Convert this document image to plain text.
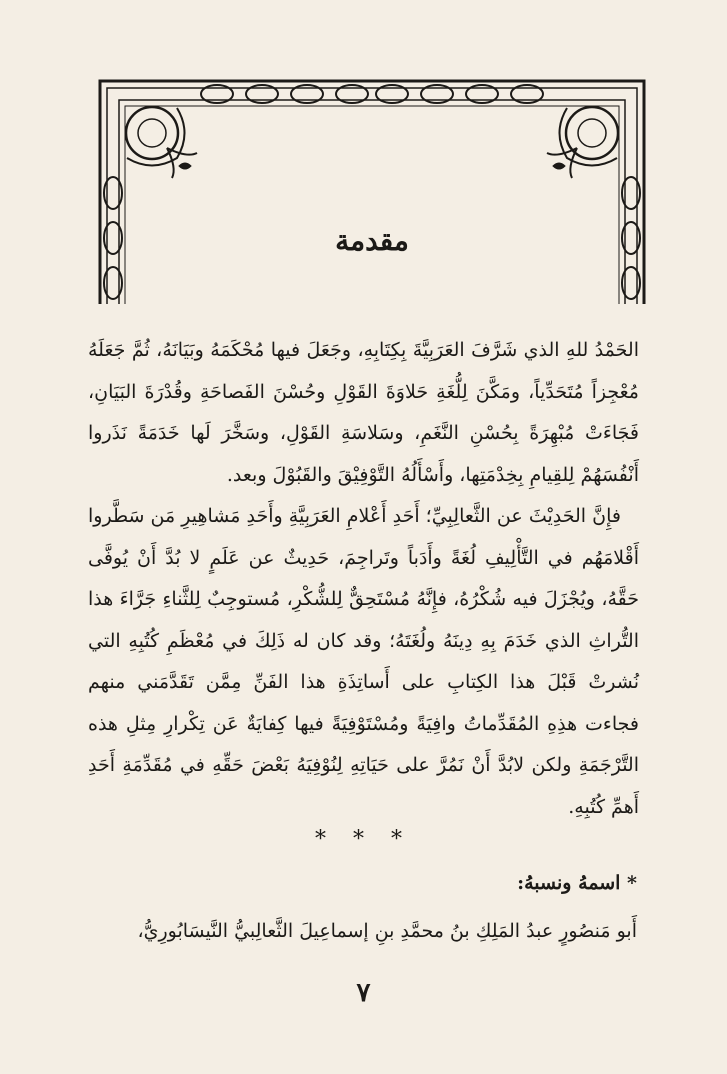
مقدمة

الحَمْدُ للهِ الذي شَرَّفَ العَرَبِيَّةَ بِكِتَابِهِ، وجَعَلَ فيها مُحْكَمَهُ وبَيَانَهُ، ثُمَّ جَعَلَهُ مُعْجِزاً مُتَحَدِّياً، ومَكَّنَ لِلُّغَةِ حَلاوَةَ القَوْلِ وحُسْنَ الفَصاحَةِ وقُدْرَةَ البَيَانِ، فَجَاءَتْ مُبْهِرَةً بِحُسْنِ النَّغَمِ، وسَلاسَةِ القَوْلِ، وسَخَّرَ لَها خَدَمَةً نَذَروا أَنْفُسَهُمْ لِلقِيامِ بِخِدْمَتِها، وأَسْأَلُهُ التَّوْفِيْقَ والقَبُوْلَ وبعد.

فإِنَّ الحَدِيْثَ عن الثَّعالِبِيِّ؛ أَحَدِ أَعْلامِ العَرَبِيَّةِ وأَحَدِ مَشاهِيرِ مَن سَطَّروا أَقْلامَهُم في التَّأْلِيفِ لُغَةً وأَدَباً وتَراجِمَ، حَدِيثٌ عن عَلَمٍ لا بُدَّ أَنْ يُوفَّى حَقَّهُ، ويُجْزَلَ فيه شُكْرُهُ، فإِنَّهُ مُسْتَحِقٌّ لِلشُّكْرِ، مُستوجِبٌ لِلثَّناءِ جَرَّاءَ هذا التُّراثِ الذي خَدَمَ بِهِ دِينَهُ ولُغَتَهُ؛ وقد كان له ذَلِكَ في مُعْظَمِ كُتُبِهِ التي نُشرتْ قَبْلَ هذا الكِتابِ على أَساتِذَةِ هذا الفَنِّ مِمَّن تَقَدَّمَني منهم فجاءت هذِهِ المُقَدِّماتُ وافِيَةً ومُسْتَوْفِيَةً فيها كِفايَةٌ عَن تِكْرارِ مِثلِ هذه التَّرْجَمَةِ ولكن لابُدَّ أَنْ نَمُرَّ على حَيَاتِهِ لِنُوْفِيَهُ بَعْضَ حَقِّهِ في مُقَدِّمَةِ أَحَدِ أَهمِّ كُتُبِهِ.

* * *
* اسمهُ ونسبهُ:
أَبو مَنصُورٍ عبدُ المَلِكِ بنُ محمَّدِ بنِ إسماعِيلَ الثَّعالِبيُّ النَّيسَابُورِيُّ،
٧
